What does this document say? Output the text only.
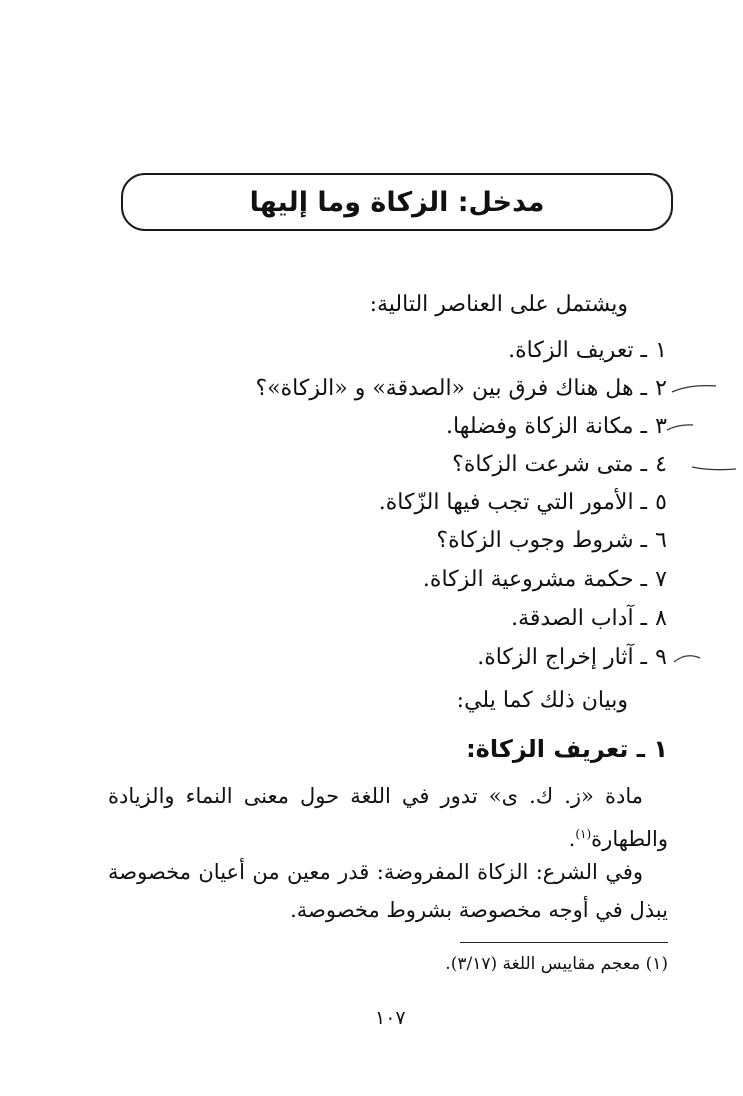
مدخل: الزكاة وما إليها
ويشتمل على العناصر التالية:
١ ـ تعريف الزكاة.
٢ ـ هل هناك فرق بين «الصدقة» و «الزكاة»؟
٣ ـ مكانة الزكاة وفضلها.
٤ ـ متى شرعت الزكاة؟
٥ ـ الأمور التي تجب فيها الزّكاة.
٦ ـ شروط وجوب الزكاة؟
٧ ـ حكمة مشروعية الزكاة.
٨ ـ آداب الصدقة.
٩ ـ آثار إخراج الزكاة.
وبيان ذلك كما يلي:
١ ـ تعريف الزكاة:
مادة «ز. ك. ى» تدور في اللغة حول معنى النماء والزيادة والطهارة$^{(١)}$.
وفي الشرع: الزكاة المفروضة: قدر معين من أعيان مخصوصة يبذل في أوجه مخصوصة بشروط مخصوصة.
(١) معجم مقاييس اللغة (٣/١٧).
١٠٧
